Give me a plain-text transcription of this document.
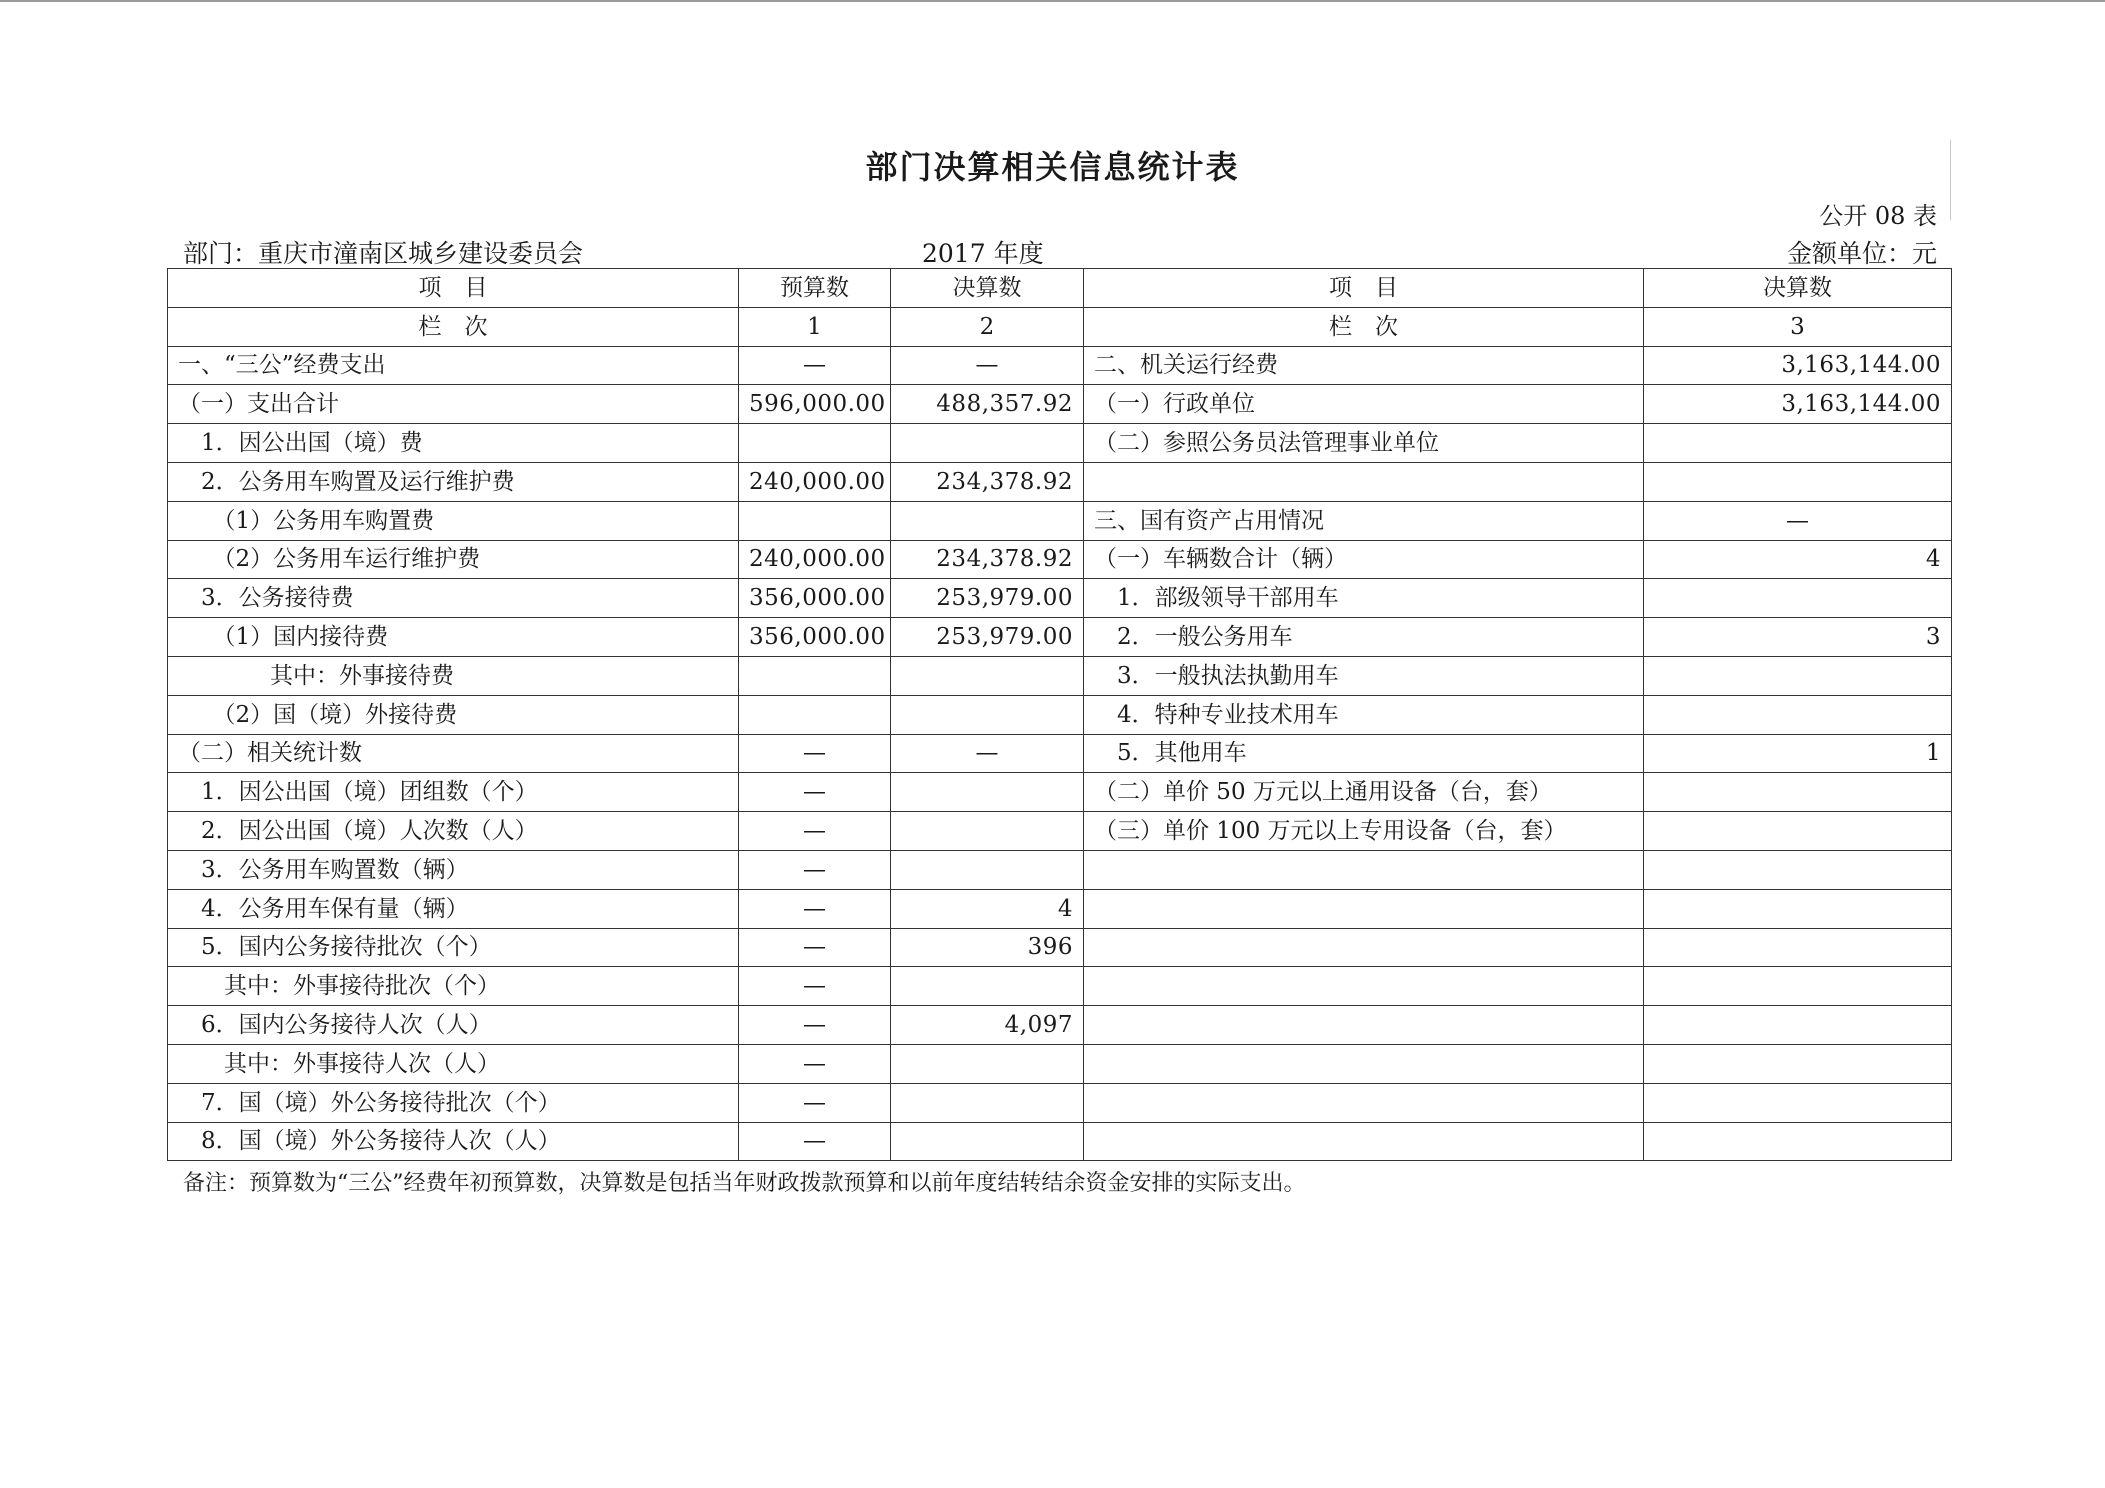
部门决算相关信息统计表
公开 08 表
部门：重庆市潼南区城乡建设委员会	2017 年度	金额单位：元
项　目	预算数	决算数	项　目	决算数
栏　次	1	2	栏　次	3
一、“三公”经费支出	—	—	二、机关运行经费	3,163,144.00
（一）支出合计	596,000.00	488,357.92	（一）行政单位	3,163,144.00
　1．因公出国（境）费			（二）参照公务员法管理事业单位	
　2．公务用车购置及运行维护费	240,000.00	234,378.92		
　　（1）公务用车购置费			三、国有资产占用情况	—
　　（2）公务用车运行维护费	240,000.00	234,378.92	（一）车辆数合计（辆）	4
　3．公务接待费	356,000.00	253,979.00	　1．部级领导干部用车	
　　（1）国内接待费	356,000.00	253,979.00	　2．一般公务用车	3
　　　　其中：外事接待费			　3．一般执法执勤用车	
　　（2）国（境）外接待费			　4．特种专业技术用车	
（二）相关统计数	—	—	　5．其他用车	1
　1．因公出国（境）团组数（个）	—		（二）单价 50 万元以上通用设备（台，套）	
　2．因公出国（境）人次数（人）	—		（三）单价 100 万元以上专用设备（台，套）	
　3．公务用车购置数（辆）	—			
　4．公务用车保有量（辆）	—	4		
　5．国内公务接待批次（个）	—	396		
　　其中：外事接待批次（个）	—			
　6．国内公务接待人次（人）	—	4,097		
　　其中：外事接待人次（人）	—			
　7．国（境）外公务接待批次（个）	—			
　8．国（境）外公务接待人次（人）	—			
备注：预算数为“三公”经费年初预算数，决算数是包括当年财政拨款预算和以前年度结转结余资金安排的实际支出。
